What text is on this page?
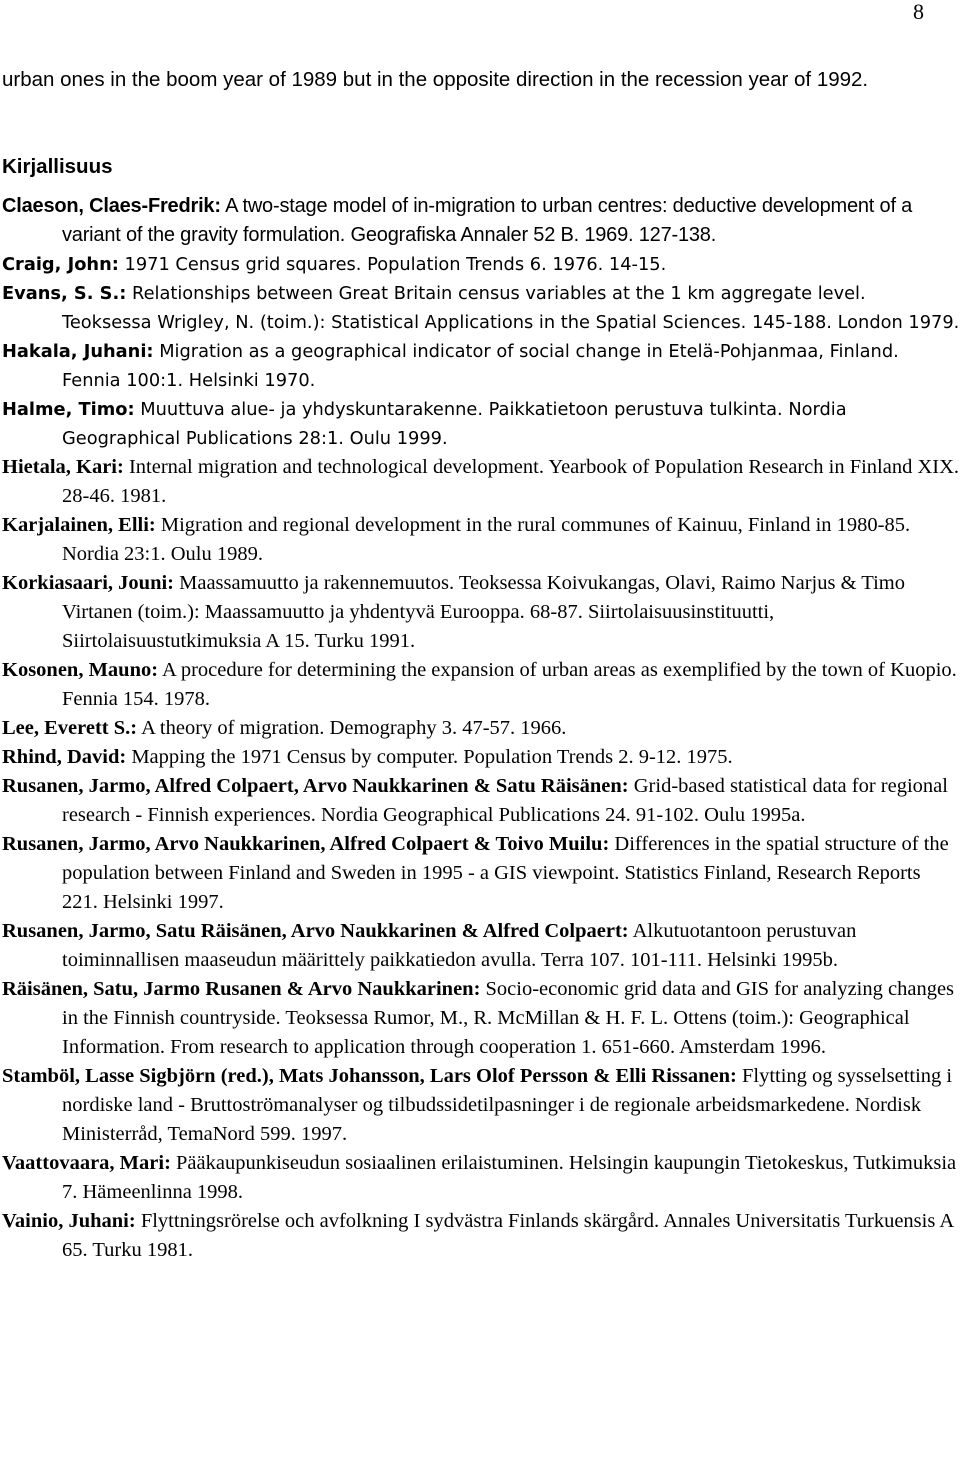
8

urban ones in the boom year of 1989 but in the opposite direction in the recession year of 1992.

Kirjallisuus
Claeson, Claes-Fredrik: A two-stage model of in-migration to urban centres: deductive development of a variant of the gravity formulation. Geografiska Annaler 52 B. 1969. 127-138.
Craig, John: 1971 Census grid squares. Population Trends 6. 1976. 14-15.
Evans, S. S.: Relationships between Great Britain census variables at the 1 km aggregate level. Teoksessa Wrigley, N. (toim.): Statistical Applications in the Spatial Sciences. 145-188. London 1979.
Hakala, Juhani: Migration as a geographical indicator of social change in Etelä-Pohjanmaa, Finland. Fennia 100:1. Helsinki 1970.
Halme, Timo: Muuttuva alue- ja yhdyskuntarakenne. Paikkatietoon perustuva tulkinta. Nordia Geographical Publications 28:1. Oulu 1999.
Hietala, Kari: Internal migration and technological development. Yearbook of Population Research in Finland XIX. 28-46. 1981.
Karjalainen, Elli: Migration and regional development in the rural communes of Kainuu, Finland in 1980-85. Nordia 23:1. Oulu 1989.
Korkiasaari, Jouni: Maassamuutto ja rakennemuutos. Teoksessa Koivukangas, Olavi, Raimo Narjus & Timo Virtanen (toim.): Maassamuutto ja yhdentyvä Eurooppa. 68-87. Siirtolaisuusinstituutti, Siirtolaisuustutkimuksia A 15. Turku 1991.
Kosonen, Mauno: A procedure for determining the expansion of urban areas as exemplified by the town of Kuopio. Fennia 154. 1978.
Lee, Everett S.: A theory of migration. Demography 3. 47-57. 1966.
Rhind, David: Mapping the 1971 Census by computer. Population Trends 2. 9-12. 1975.
Rusanen, Jarmo, Alfred Colpaert, Arvo Naukkarinen & Satu Räisänen: Grid-based statistical data for regional research - Finnish experiences. Nordia Geographical Publications 24. 91-102. Oulu 1995a.
Rusanen, Jarmo, Arvo Naukkarinen, Alfred Colpaert & Toivo Muilu: Differences in the spatial structure of the population between Finland and Sweden in 1995 - a GIS viewpoint. Statistics Finland, Research Reports 221. Helsinki 1997.
Rusanen, Jarmo, Satu Räisänen, Arvo Naukkarinen & Alfred Colpaert: Alkutuotantoon perustuvan toiminnallisen maaseudun määrittely paikkatiedon avulla. Terra 107. 101-111. Helsinki 1995b.
Räisänen, Satu, Jarmo Rusanen & Arvo Naukkarinen: Socio-economic grid data and GIS for analyzing changes in the Finnish countryside. Teoksessa Rumor, M., R. McMillan & H. F. L. Ottens (toim.): Geographical Information. From research to application through cooperation 1. 651-660. Amsterdam 1996.
Stamböl, Lasse Sigbjörn (red.), Mats Johansson, Lars Olof Persson & Elli Rissanen: Flytting og sysselsetting i nordiske land - Bruttoströmanalyser og tilbudssidetilpasninger i de regionale arbeidsmarkedene. Nordisk Ministerråd, TemaNord 599. 1997.
Vaattovaara, Mari: Pääkaupunkiseudun sosiaalinen erilaistuminen. Helsingin kaupungin Tietokeskus, Tutkimuksia 7. Hämeenlinna 1998.
Vainio, Juhani: Flyttningsrörelse och avfolkning I sydvästra Finlands skärgård. Annales Universitatis Turkuensis A 65. Turku 1981.
